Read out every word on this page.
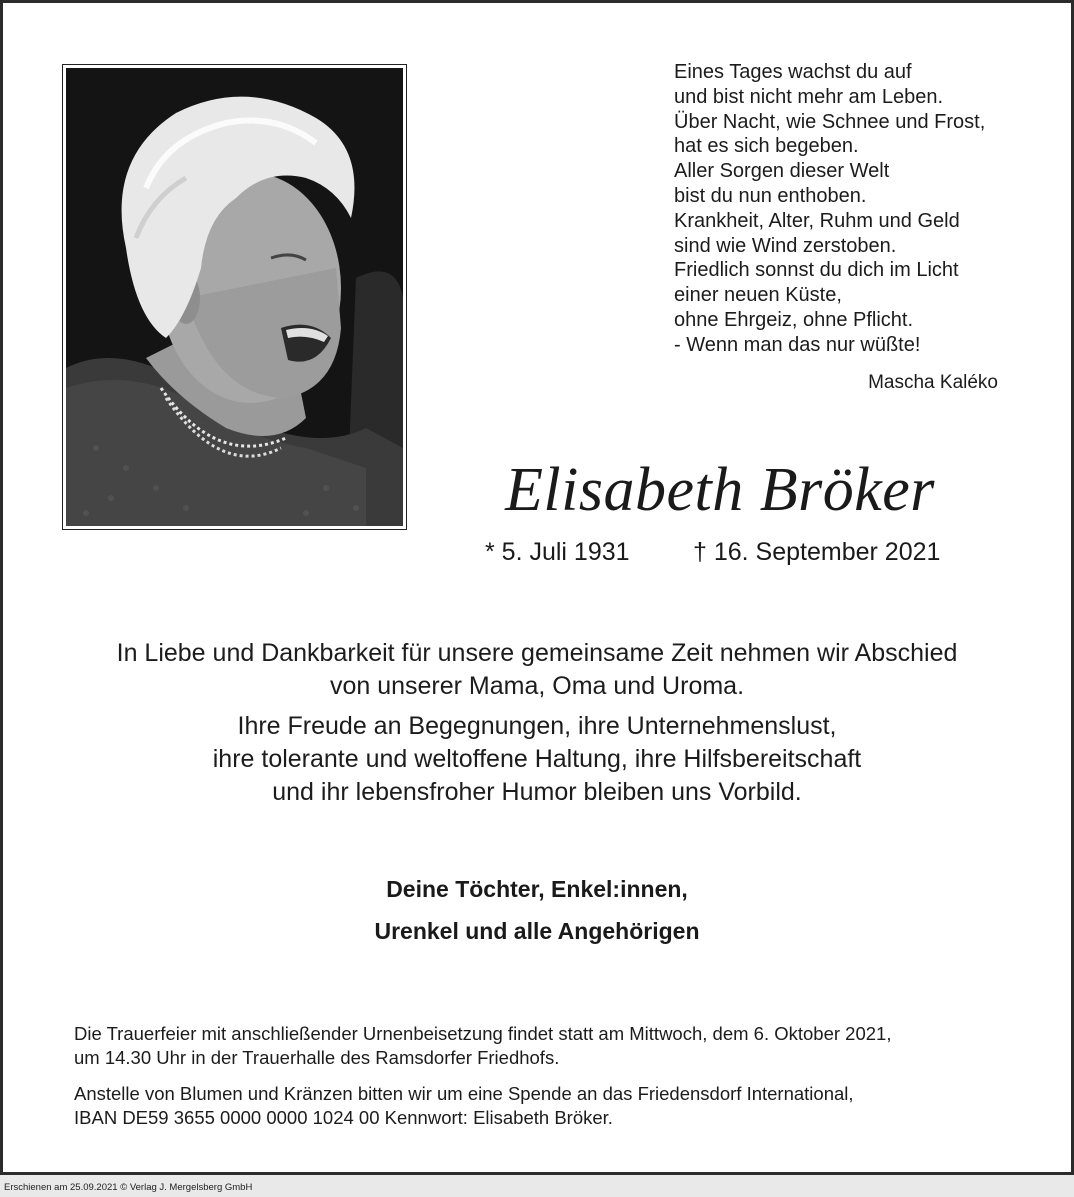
Eines Tages wachst du auf
und bist nicht mehr am Leben.
Über Nacht, wie Schnee und Frost,
hat es sich begeben.
Aller Sorgen dieser Welt
bist du nun enthoben.
Krankheit, Alter, Ruhm und Geld
sind wie Wind zerstoben.
Friedlich sonnst du dich im Licht
einer neuen Küste,
ohne Ehrgeiz, ohne Pflicht.
- Wenn man das nur wüßte!
Mascha Kaléko
Elisabeth Bröker
* 5. Juli 1931	† 16. September 2021
In Liebe und Dankbarkeit für unsere gemeinsame Zeit nehmen wir Abschied
von unserer Mama, Oma und Uroma.
Ihre Freude an Begegnungen, ihre Unternehmenslust,
ihre tolerante und weltoffene Haltung, ihre Hilfsbereitschaft
und ihr lebensfroher Humor bleiben uns Vorbild.
Deine Töchter, Enkel:innen,
Urenkel und alle Angehörigen
Die Trauerfeier mit anschließender Urnenbeisetzung findet statt am Mittwoch, dem 6. Oktober 2021,
um 14.30 Uhr in der Trauerhalle des Ramsdorfer Friedhofs.
Anstelle von Blumen und Kränzen bitten wir um eine Spende an das Friedensdorf International,
IBAN DE59 3655 0000 0000 1024 00 Kennwort: Elisabeth Bröker.
Erschienen am 25.09.2021 © Verlag J. Mergelsberg GmbH
